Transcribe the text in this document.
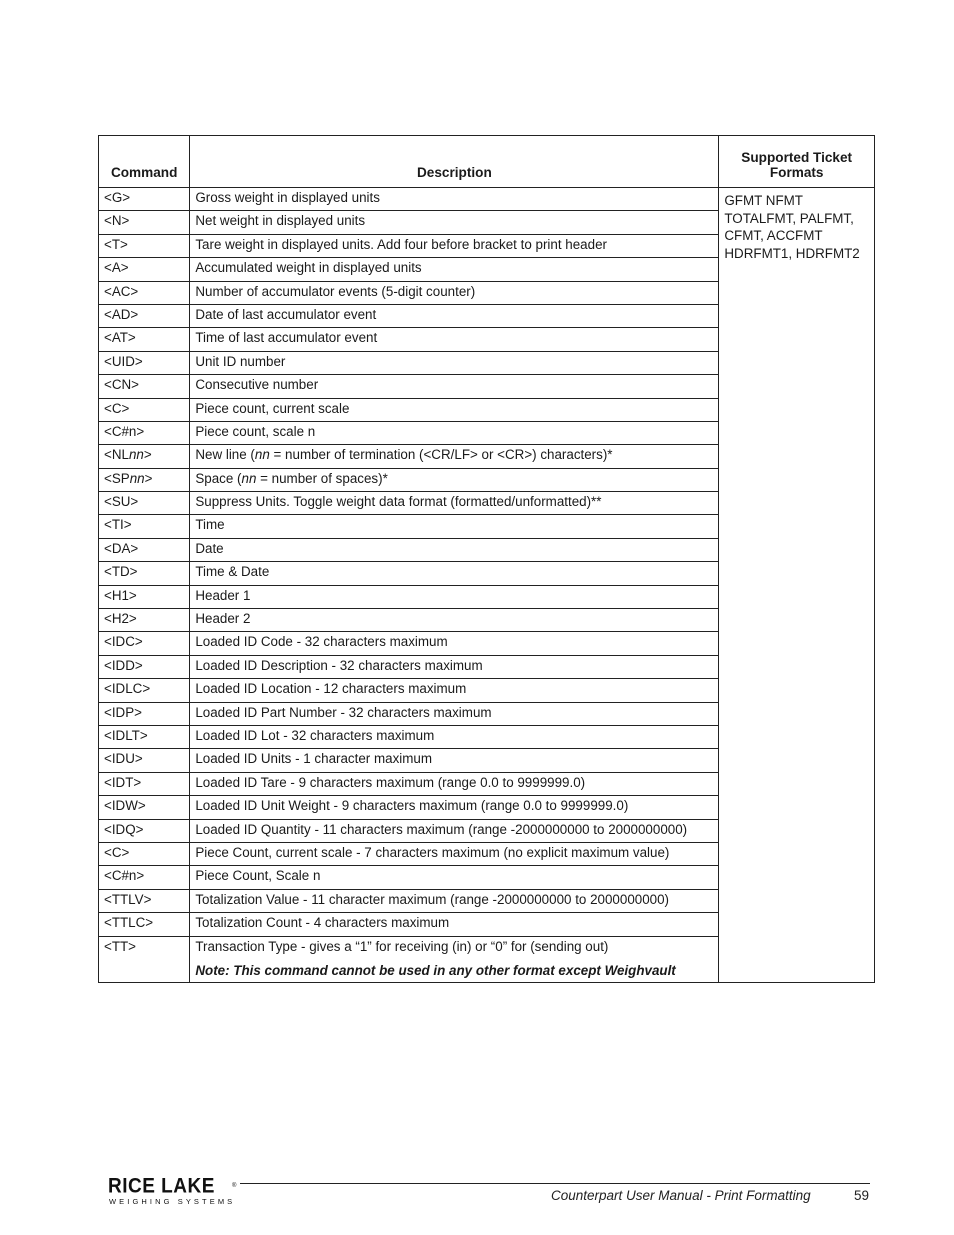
Command	Description	Supported Ticket
Formats
<G>	Gross weight in displayed units	GFMT NFMT
TOTALFMT, PALFMT,
CFMT, ACCFMT
HDRFMT1, HDRFMT2
<N>	Net weight in displayed units	
<T>	Tare weight in displayed units. Add four before bracket to print header	
<A>	Accumulated weight in displayed units	
<AC>	Number of accumulator events (5-digit counter)	
<AD>	Date of last accumulator event	
<AT>	Time of last accumulator event	
<UID>	Unit ID number	
<CN>	Consecutive number	
<C>	Piece count, current scale	
<C#n>	Piece count, scale n	
<NLnn>	New line (nn = number of termination (<CR/LF> or <CR>) characters)*	
<SPnn>	Space (nn = number of spaces)*	
<SU>	Suppress Units. Toggle weight data format (formatted/unformatted)**	
<TI>	Time	
<DA>	Date	
<TD>	Time & Date	
<H1>	Header 1	
<H2>	Header 2	
<IDC>	Loaded ID Code - 32 characters maximum	
<IDD>	Loaded ID Description - 32 characters maximum	
<IDLC>	Loaded ID Location - 12 characters maximum	
<IDP>	Loaded ID Part Number - 32 characters maximum	
<IDLT>	Loaded ID Lot - 32 characters maximum	
<IDU>	Loaded ID Units - 1 character maximum	
<IDT>	Loaded ID Tare - 9 characters maximum (range 0.0 to 9999999.0)	
<IDW>	Loaded ID Unit Weight - 9 characters maximum (range 0.0 to 9999999.0)	
<IDQ>	Loaded ID Quantity - 11 characters maximum (range -2000000000 to 2000000000)	
<C>	Piece Count, current scale - 7 characters maximum (no explicit maximum value)	
<C#n>	Piece Count, Scale n	
<TTLV>	Totalization Value - 11 character maximum (range -2000000000 to 2000000000)	
<TTLC>	Totalization Count - 4 characters maximum	
<TT>	Transaction Type - gives a “1” for receiving (in) or “0” for (sending out)
Note: This command cannot be used in any other format except Weighvault	
RICE LAKE	®
WEIGHING SYSTEMS	Counterpart User Manual - Print Formatting	59
